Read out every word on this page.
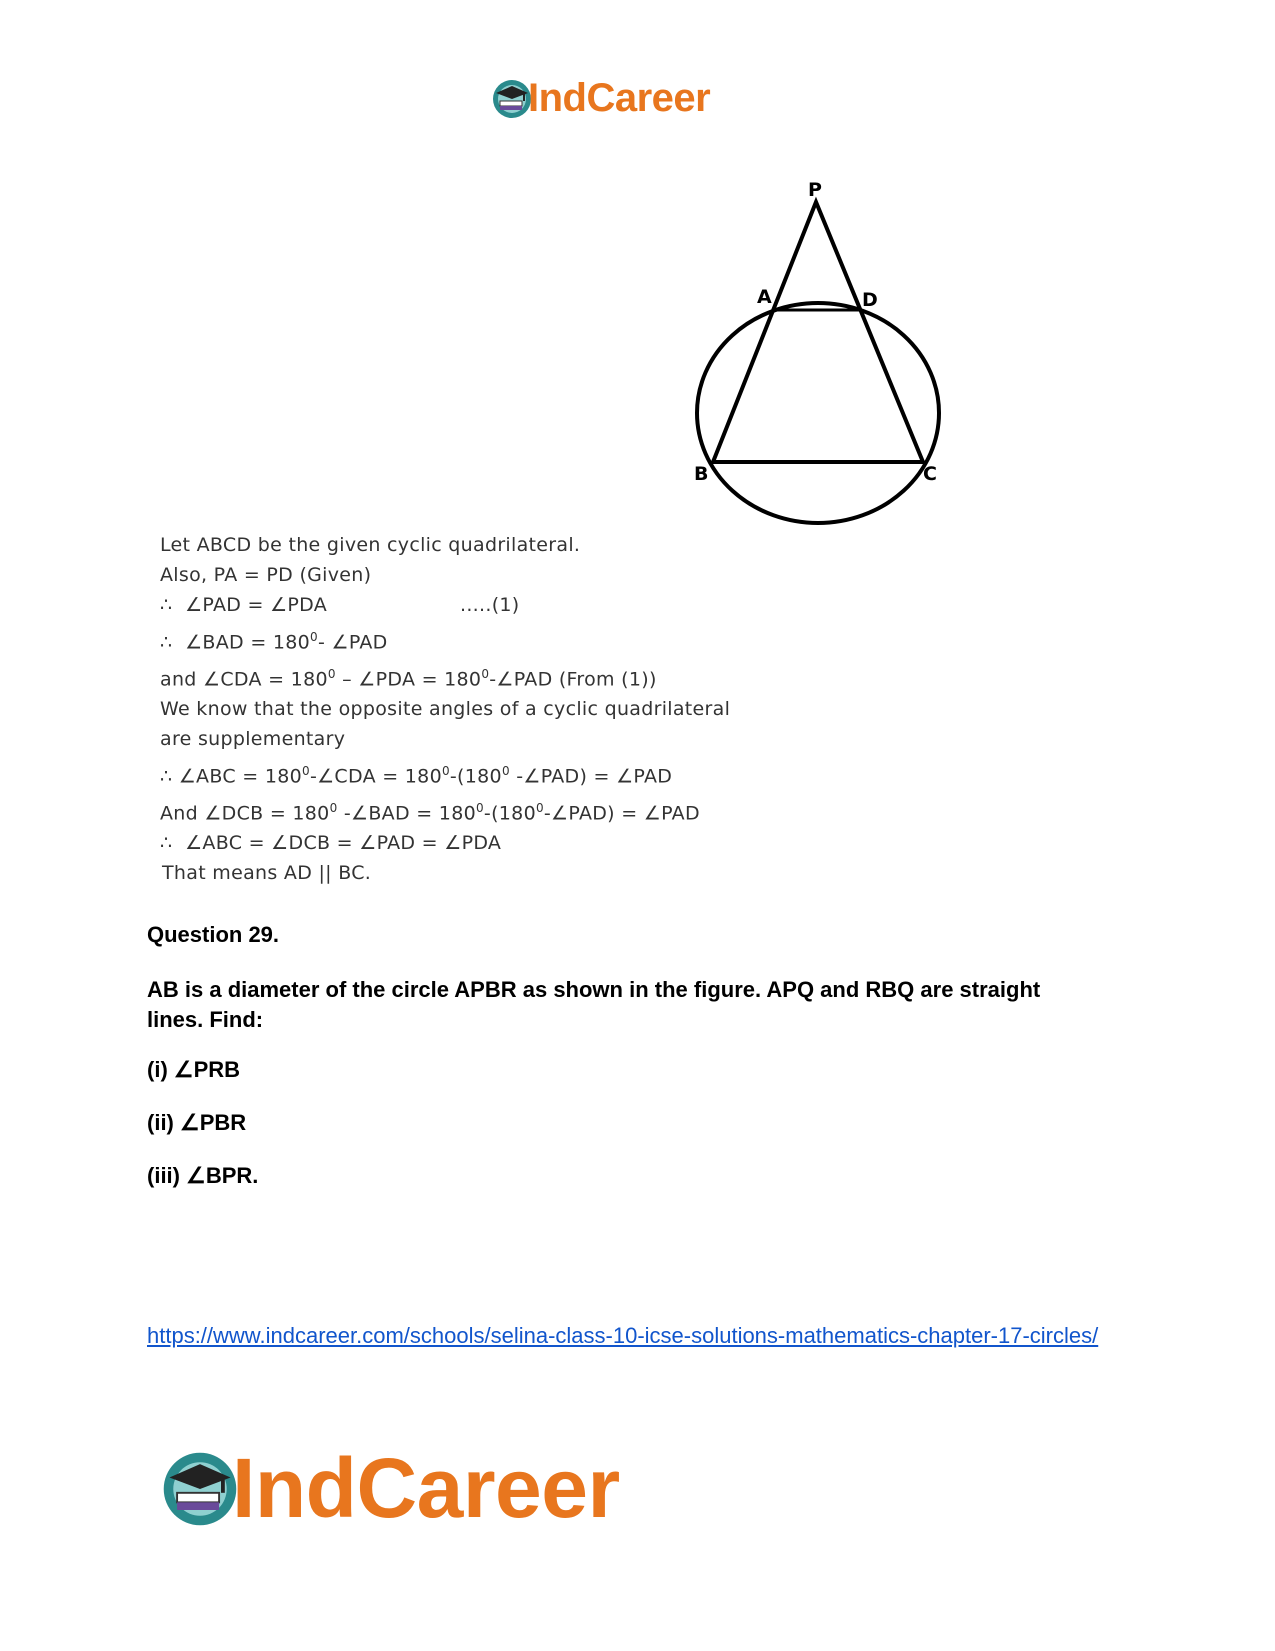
IndCareer
P
A	D
B	C
Let ABCD be the given cyclic quadrilateral.
Also, PA = PD (Given)
∴ ∠PAD = ∠PDA	.....(1)
∴ ∠BAD = $180^0-$ ∠PAD
and ∠CDA = $180^0$ – ∠PDA = $180^0-\angle PAD$ (From (1))
We know that the opposite angles of a cyclic quadrilateral
are supplementary
∴ ∠ABC = $180^0-\angle CDA = 180^0-(180^0$ -∠PAD) = ∠PAD
And ∠DCB = $180^0$ -∠BAD = $180^0-(180^0-\angle PAD)$ = ∠PAD
∴ ∠ABC = ∠DCB = ∠PAD = ∠PDA
That means AD || BC.
Question 29.
AB is a diameter of the circle APBR as shown in the figure. APQ and RBQ are straight lines. Find:
(i) ∠PRB
(ii) ∠PBR
(iii) ∠BPR.
https://www.indcareer.com/schools/selina-class-10-icse-solutions-mathematics-chapter-17-circles/
IndCareer
